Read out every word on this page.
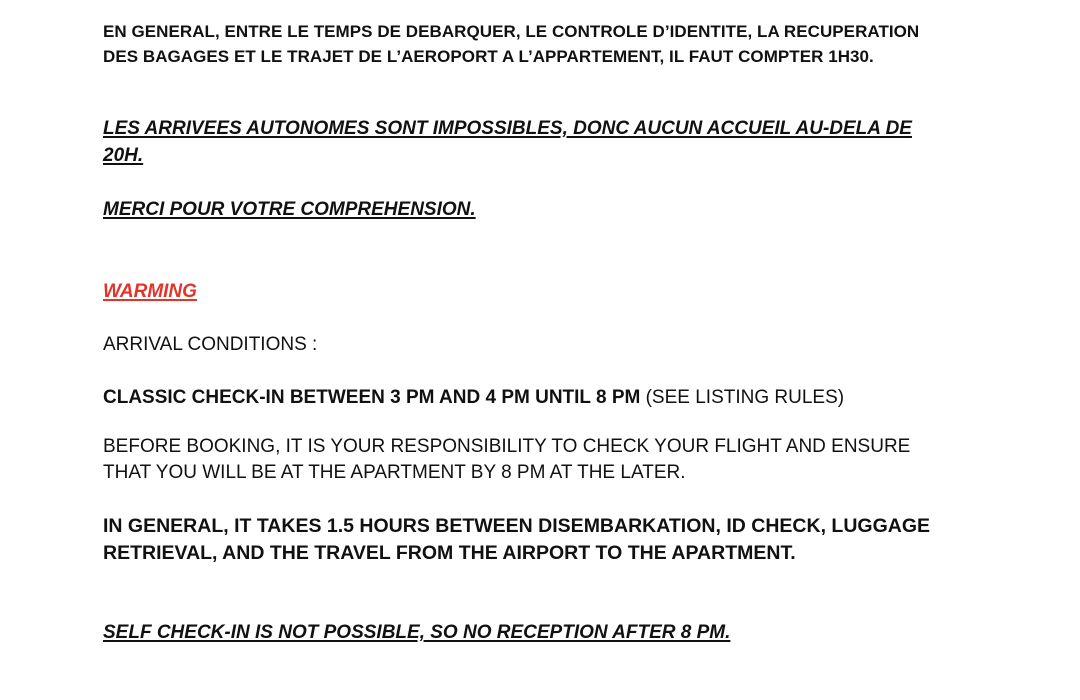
EN GENERAL, ENTRE LE TEMPS DE DEBARQUER, LE CONTROLE D’IDENTITE, LA RECUPERATION DES BAGAGES ET LE TRAJET DE L’AEROPORT A L’APPARTEMENT, IL FAUT COMPTER 1H30.

LES ARRIVEES AUTONOMES SONT IMPOSSIBLES, DONC AUCUN ACCUEIL AU-DELA DE 20H.

MERCI POUR VOTRE COMPREHENSION.

WARMING

ARRIVAL CONDITIONS :

CLASSIC CHECK-IN BETWEEN 3 PM AND 4 PM UNTIL 8 PM (SEE LISTING RULES)

BEFORE BOOKING, IT IS YOUR RESPONSIBILITY TO CHECK YOUR FLIGHT AND ENSURE THAT YOU WILL BE AT THE APARTMENT BY 8 PM AT THE LATER.

IN GENERAL, IT TAKES 1.5 HOURS BETWEEN DISEMBARKATION, ID CHECK, LUGGAGE RETRIEVAL, AND THE TRAVEL FROM THE AIRPORT TO THE APARTMENT.

SELF CHECK-IN IS NOT POSSIBLE, SO NO RECEPTION AFTER 8 PM.
